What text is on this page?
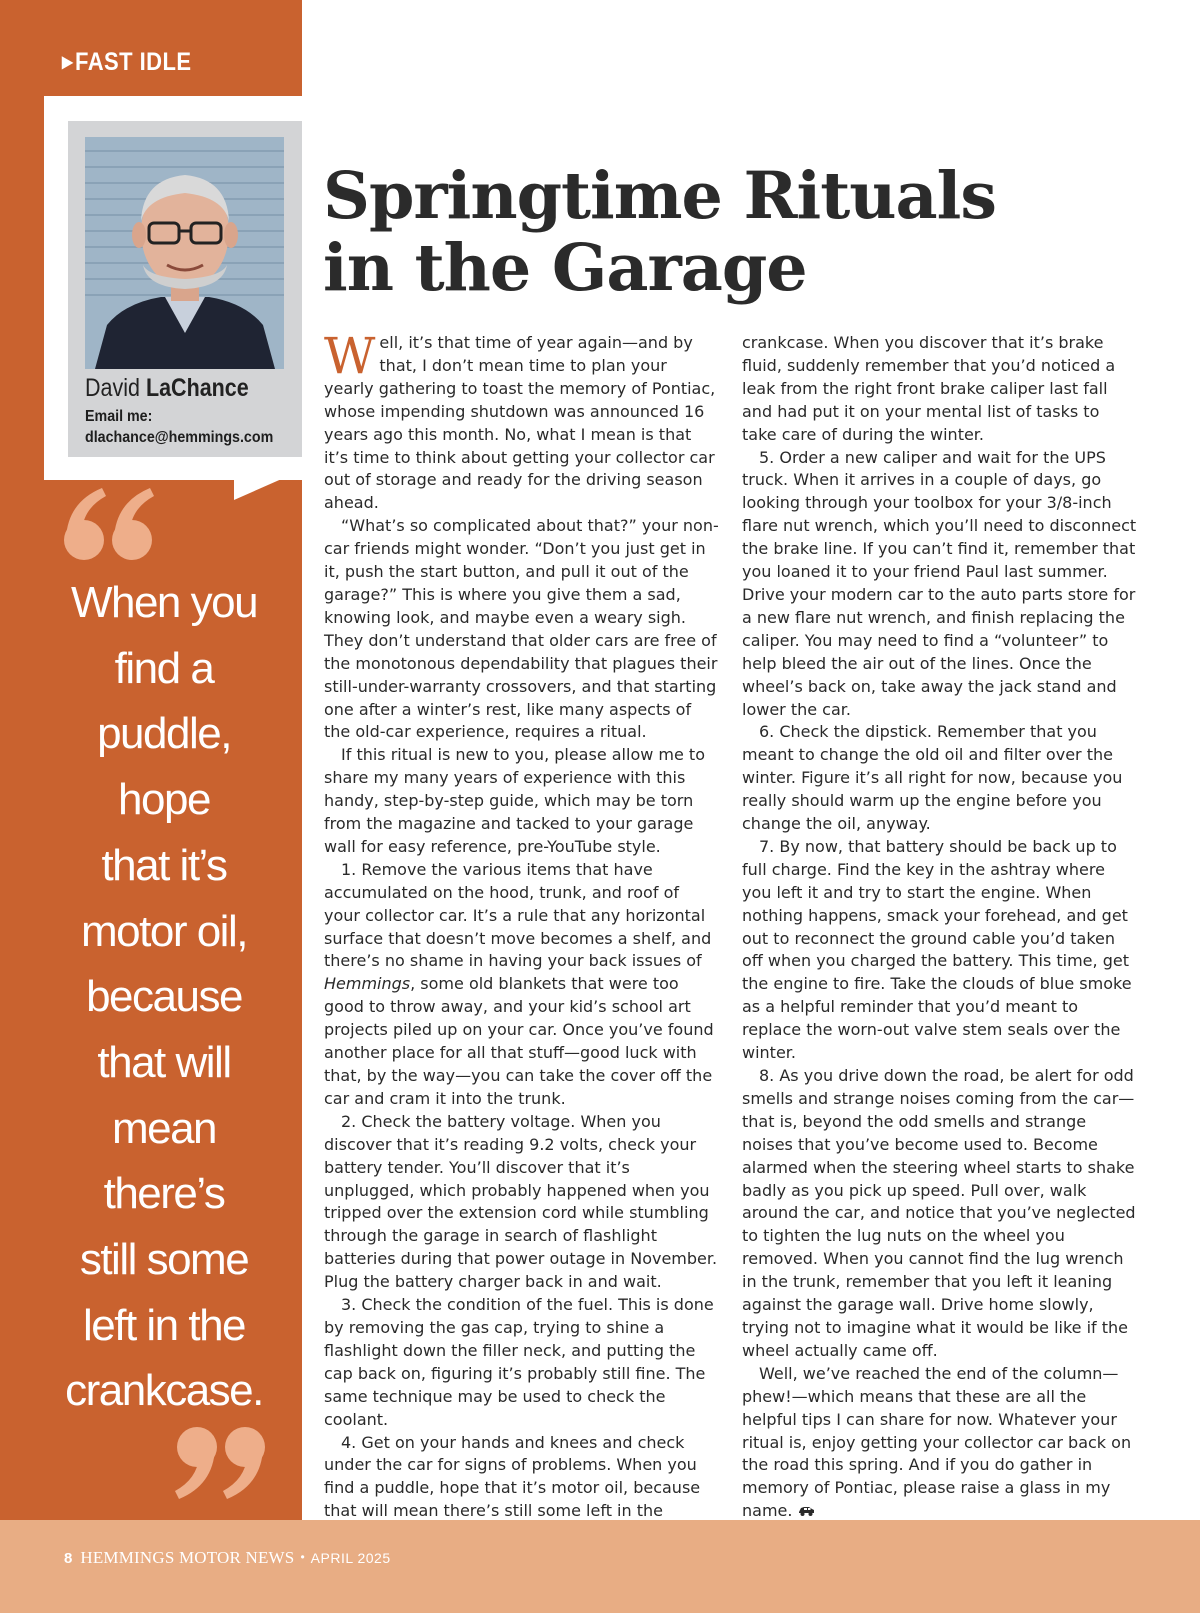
▶FAST IDLE
David LaChance
Email me:
dlachance@hemmings.com
When you
find a
puddle,
hope
that it’s
motor oil,
because
that will
mean
there’s
still some
left in the
crankcase.
Springtime Rituals
in the Garage

Well, it’s that time of year again—and by that, I don’t mean time to plan your yearly gathering to toast the memory of Pontiac, whose impending shutdown was announced 16 years ago this month. No, what I mean is that it’s time to think about getting your collector car out of storage and ready for the driving season ahead.

“What’s so complicated about that?” your non-car friends might wonder. “Don’t you just get in it, push the start button, and pull it out of the garage?” This is where you give them a sad, knowing look, and maybe even a weary sigh. They don’t understand that older cars are free of the monotonous dependability that plagues their still-under-warranty crossovers, and that starting one after a winter’s rest, like many aspects of the old-car experience, requires a ritual.

If this ritual is new to you, please allow me to share my many years of experience with this handy, step-by-step guide, which may be torn from the magazine and tacked to your garage wall for easy reference, pre-YouTube style.

1. Remove the various items that have accumulated on the hood, trunk, and roof of your collector car. It’s a rule that any horizontal surface that doesn’t move becomes a shelf, and there’s no shame in having your back issues of Hemmings, some old blankets that were too good to throw away, and your kid’s school art projects piled up on your car. Once you’ve found another place for all that stuff—good luck with that, by the way—you can take the cover off the car and cram it into the trunk.

2. Check the battery voltage. When you discover that it’s reading 9.2 volts, check your battery tender. You’ll discover that it’s unplugged, which probably happened when you tripped over the extension cord while stumbling through the garage in search of flashlight batteries during that power outage in November. Plug the battery charger back in and wait.

3. Check the condition of the fuel. This is done by removing the gas cap, trying to shine a flashlight down the filler neck, and putting the cap back on, figuring it’s probably still fine. The same technique may be used to check the coolant.

4. Get on your hands and knees and check under the car for signs of problems. When you find a puddle, hope that it’s motor oil, because that will mean there’s still some left in the

crankcase. When you discover that it’s brake fluid, suddenly remember that you’d noticed a leak from the right front brake caliper last fall and had put it on your mental list of tasks to take care of during the winter.

5. Order a new caliper and wait for the UPS truck. When it arrives in a couple of days, go looking through your toolbox for your 3/8-inch flare nut wrench, which you’ll need to disconnect the brake line. If you can’t find it, remember that you loaned it to your friend Paul last summer. Drive your modern car to the auto parts store for a new flare nut wrench, and finish replacing the caliper. You may need to find a “volunteer” to help bleed the air out of the lines. Once the wheel’s back on, take away the jack stand and lower the car.

6. Check the dipstick. Remember that you meant to change the old oil and filter over the winter. Figure it’s all right for now, because you really should warm up the engine before you change the oil, anyway.

7. By now, that battery should be back up to full charge. Find the key in the ashtray where you left it and try to start the engine. When nothing happens, smack your forehead, and get out to reconnect the ground cable you’d taken off when you charged the battery. This time, get the engine to fire. Take the clouds of blue smoke as a helpful reminder that you’d meant to replace the worn-out valve stem seals over the winter.

8. As you drive down the road, be alert for odd smells and strange noises coming from the car—that is, beyond the odd smells and strange noises that you’ve become used to. Become alarmed when the steering wheel starts to shake badly as you pick up speed. Pull over, walk around the car, and notice that you’ve neglected to tighten the lug nuts on the wheel you removed. When you cannot find the lug wrench in the trunk, remember that you left it leaning against the garage wall. Drive home slowly, trying not to imagine what it would be like if the wheel actually came off.

Well, we’ve reached the end of the column—phew!—which means that these are all the helpful tips I can share for now. Whatever your ritual is, enjoy getting your collector car back on the road this spring. And if you do gather in memory of Pontiac, please raise a glass in my name.

8 HEMMINGS MOTOR NEWS • APRIL 2025
